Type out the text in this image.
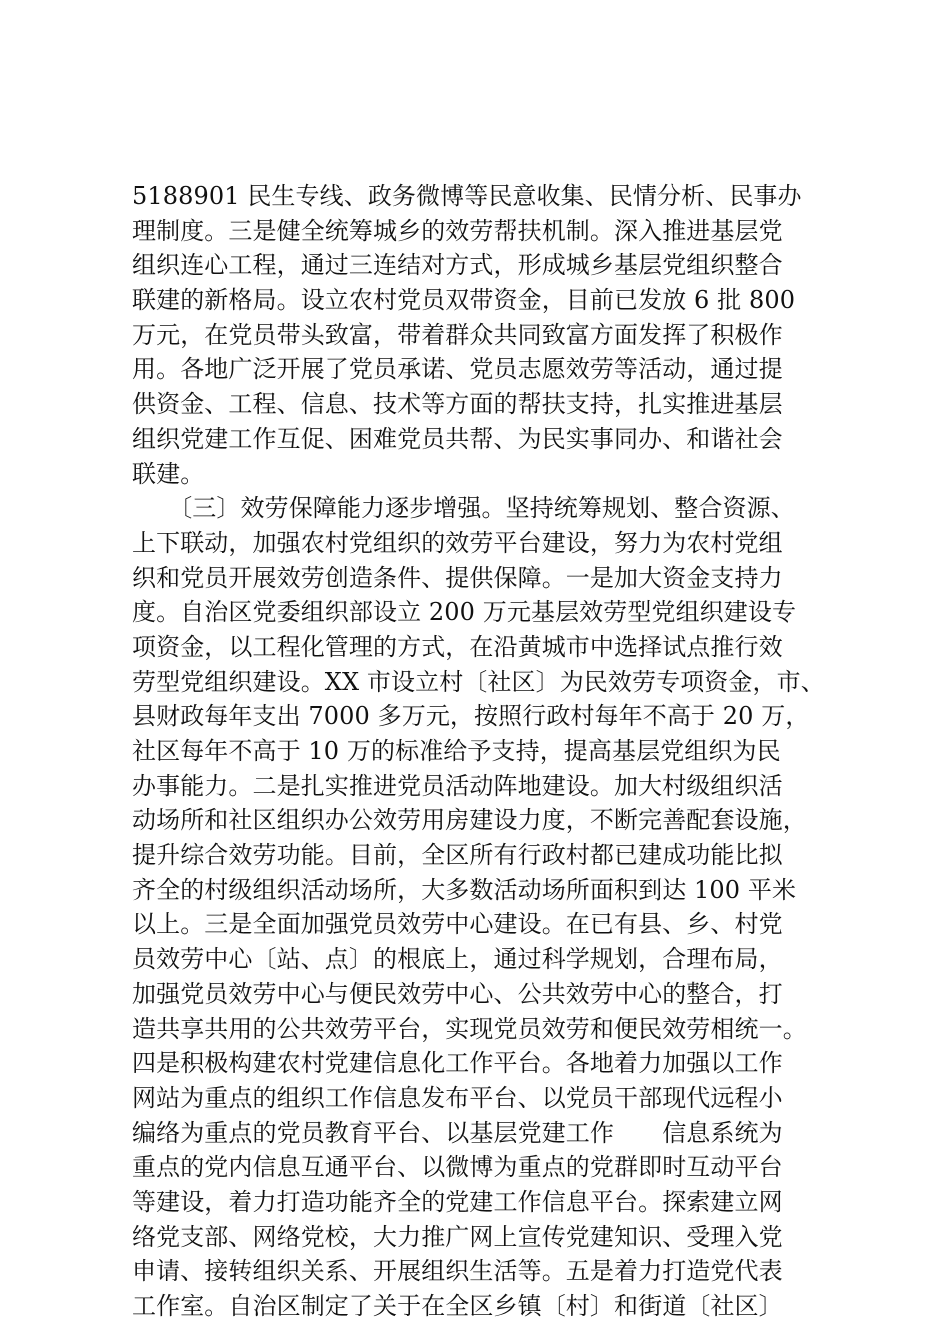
5188901 民生专线、政务微博等民意收集、民情分析、民事办
理制度。三是健全统筹城乡的效劳帮扶机制。深入推进基层党
组织连心工程，通过三连结对方式，形成城乡基层党组织整合
联建的新格局。设立农村党员双带资金，目前已发放 6 批 800
万元，在党员带头致富，带着群众共同致富方面发挥了积极作
用。各地广泛开展了党员承诺、党员志愿效劳等活动，通过提
供资金、工程、信息、技术等方面的帮扶支持，扎实推进基层
组织党建工作互促、困难党员共帮、为民实事同办、和谐社会
联建。
　　〔三〕效劳保障能力逐步增强。坚持统筹规划、整合资源、
上下联动，加强农村党组织的效劳平台建设，努力为农村党组
织和党员开展效劳创造条件、提供保障。一是加大资金支持力
度。自治区党委组织部设立 200 万元基层效劳型党组织建设专
项资金，以工程化管理的方式，在沿黄城市中选择试点推行效
劳型党组织建设。XX 市设立村〔社区〕为民效劳专项资金，市、
县财政每年支出 7000 多万元，按照行政村每年不高于 20 万，
社区每年不高于 10 万的标准给予支持，提高基层党组织为民
办事能力。二是扎实推进党员活动阵地建设。加大村级组织活
动场所和社区组织办公效劳用房建设力度，不断完善配套设施，
提升综合效劳功能。目前，全区所有行政村都已建成功能比拟
齐全的村级组织活动场所，大多数活动场所面积到达 100 平米
以上。三是全面加强党员效劳中心建设。在已有县、乡、村党
员效劳中心〔站、点〕的根底上，通过科学规划，合理布局，
加强党员效劳中心与便民效劳中心、公共效劳中心的整合，打
造共享共用的公共效劳平台，实现党员效劳和便民效劳相统一。
四是积极构建农村党建信息化工作平台。各地着力加强以工作
网站为重点的组织工作信息发布平台、以党员干部现代远程小
编络为重点的党员教育平台、以基层党建工作　　信息系统为
重点的党内信息互通平台、以微博为重点的党群即时互动平台
等建设，着力打造功能齐全的党建工作信息平台。探索建立网
络党支部、网络党校，大力推广网上宣传党建知识、受理入党
申请、接转组织关系、开展组织生活等。五是着力打造党代表
工作室。自治区制定了关于在全区乡镇〔村〕和街道〔社区〕
